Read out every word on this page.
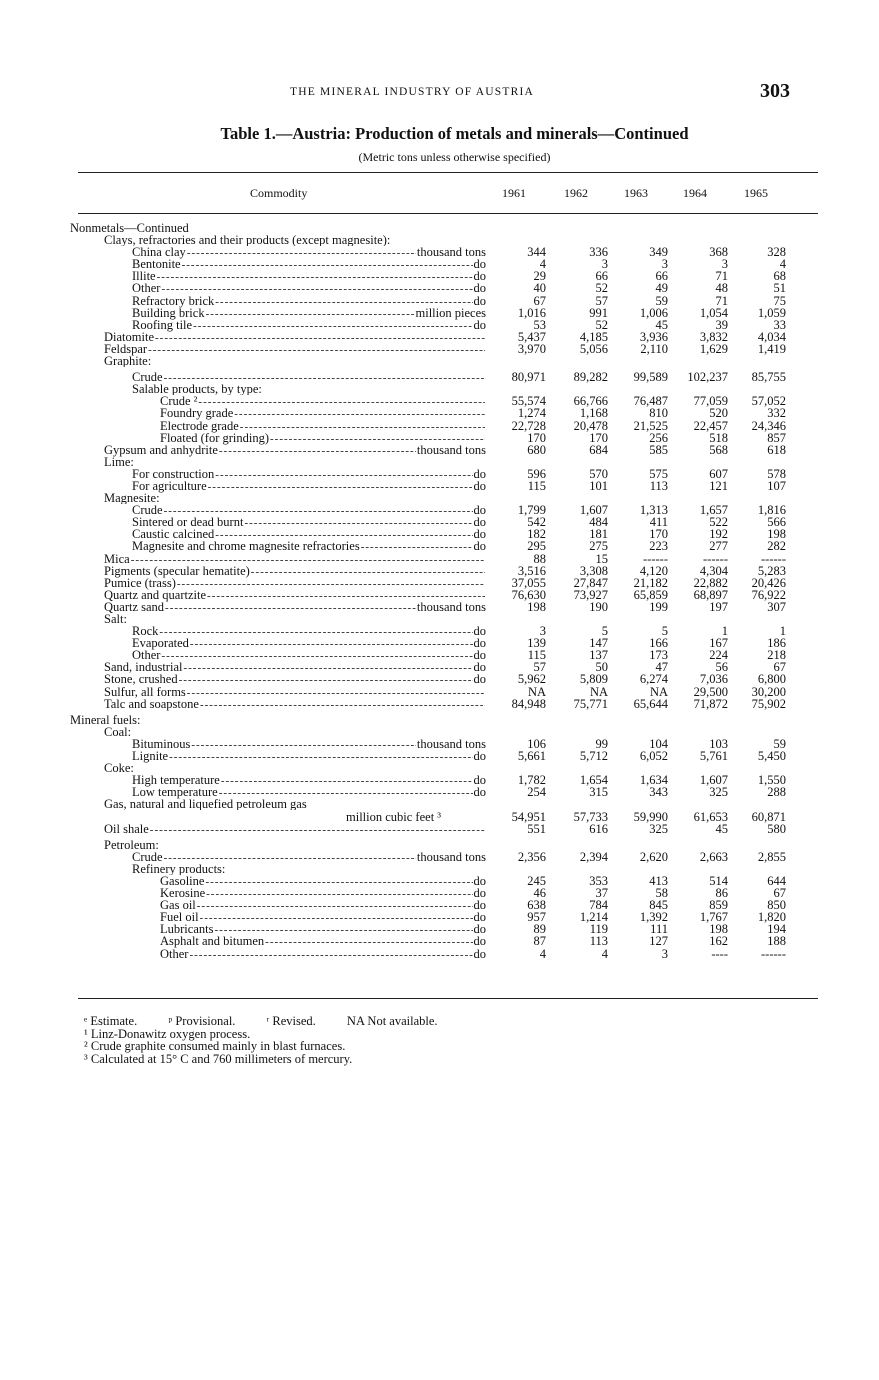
THE MINERAL INDUSTRY OF AUSTRIA	303
Table 1.—Austria: Production of metals and minerals—Continued
(Metric tons unless otherwise specified)
Commodity	1961	1962	1963	1964	1965
Nonmetals—Continued
Clays, refractories and their products (except magnesite):
China clay -----	thousand tons	344	336	349	368	328
Bentonite -----	do	4	3	3	3	4
Illite -----	do	29	66	66	71	68
Other -----	do	40	52	49	48	51
Refractory brick -----	do	67	57	59	71	75
Building brick -----	million pieces	1,016	991	1,006	1,054	1,059
Roofing tile -----	do	53	52	45	39	33
Diatomite -----	5,437	4,185	3,936	3,832	4,034
Feldspar -----	3,970	5,056	2,110	1,629	1,419
Graphite:
Crude -----	80,971	89,282	99,589	102,237	85,755
Salable products, by type:
Crude ² -----	55,574	66,766	76,487	77,059	57,052
Foundry grade -----	1,274	1,168	810	520	332
Electrode grade -----	22,728	20,478	21,525	22,457	24,346
Floated (for grinding) -----	170	170	256	518	857
Gypsum and anhydrite -----	thousand tons	680	684	585	568	618
Lime:
For construction -----	do	596	570	575	607	578
For agriculture -----	do	115	101	113	121	107
Magnesite:
Crude -----	do	1,799	1,607	1,313	1,657	1,816
Sintered or dead burnt -----	do	542	484	411	522	566
Caustic calcined -----	do	182	181	170	192	198
Magnesite and chrome magnesite refractories -----	do	295	275	223	277	282
Mica -----	88	15	------	------	------
Pigments (specular hematite) -----	3,516	3,308	4,120	4,304	5,283
Pumice (trass) -----	37,055	27,847	21,182	22,882	20,426
Quartz and quartzite -----	76,630	73,927	65,859	68,897	76,922
Quartz sand -----	thousand tons	198	190	199	197	307
Salt:
Rock -----	do	3	5	5	1	1
Evaporated -----	do	139	147	166	167	186
Other -----	do	115	137	173	224	218
Sand, industrial -----	do	57	50	47	56	67
Stone, crushed -----	do	5,962	5,809	6,274	7,036	6,800
Sulfur, all forms -----	NA	NA	NA	29,500	30,200
Talc and soapstone -----	84,948	75,771	65,644	71,872	75,902
Mineral fuels:
Coal:
Bituminous -----	thousand tons	106	99	104	103	59
Lignite -----	do	5,661	5,712	6,052	5,761	5,450
Coke:
High temperature -----	do	1,782	1,654	1,634	1,607	1,550
Low temperature -----	do	254	315	343	325	288
Gas, natural and liquefied petroleum gas
million cubic feet ³	54,951	57,733	59,990	61,653	60,871
Oil shale -----	551	616	325	45	580
Petroleum:
Crude -----	thousand tons	2,356	2,394	2,620	2,663	2,855
Refinery products:
Gasoline -----	do	245	353	413	514	644
Kerosine -----	do	46	37	58	86	67
Gas oil -----	do	638	784	845	859	850
Fuel oil -----	do	957	1,214	1,392	1,767	1,820
Lubricants -----	do	89	119	111	198	194
Asphalt and bitumen -----	do	87	113	127	162	188
Other -----	do	4	4	3	----	------
ᵉ Estimate. ᵖ Provisional. ʳ Revised. NA Not available.
¹ Linz-Donawitz oxygen process.
² Crude graphite consumed mainly in blast furnaces.
³ Calculated at 15° C and 760 millimeters of mercury.
